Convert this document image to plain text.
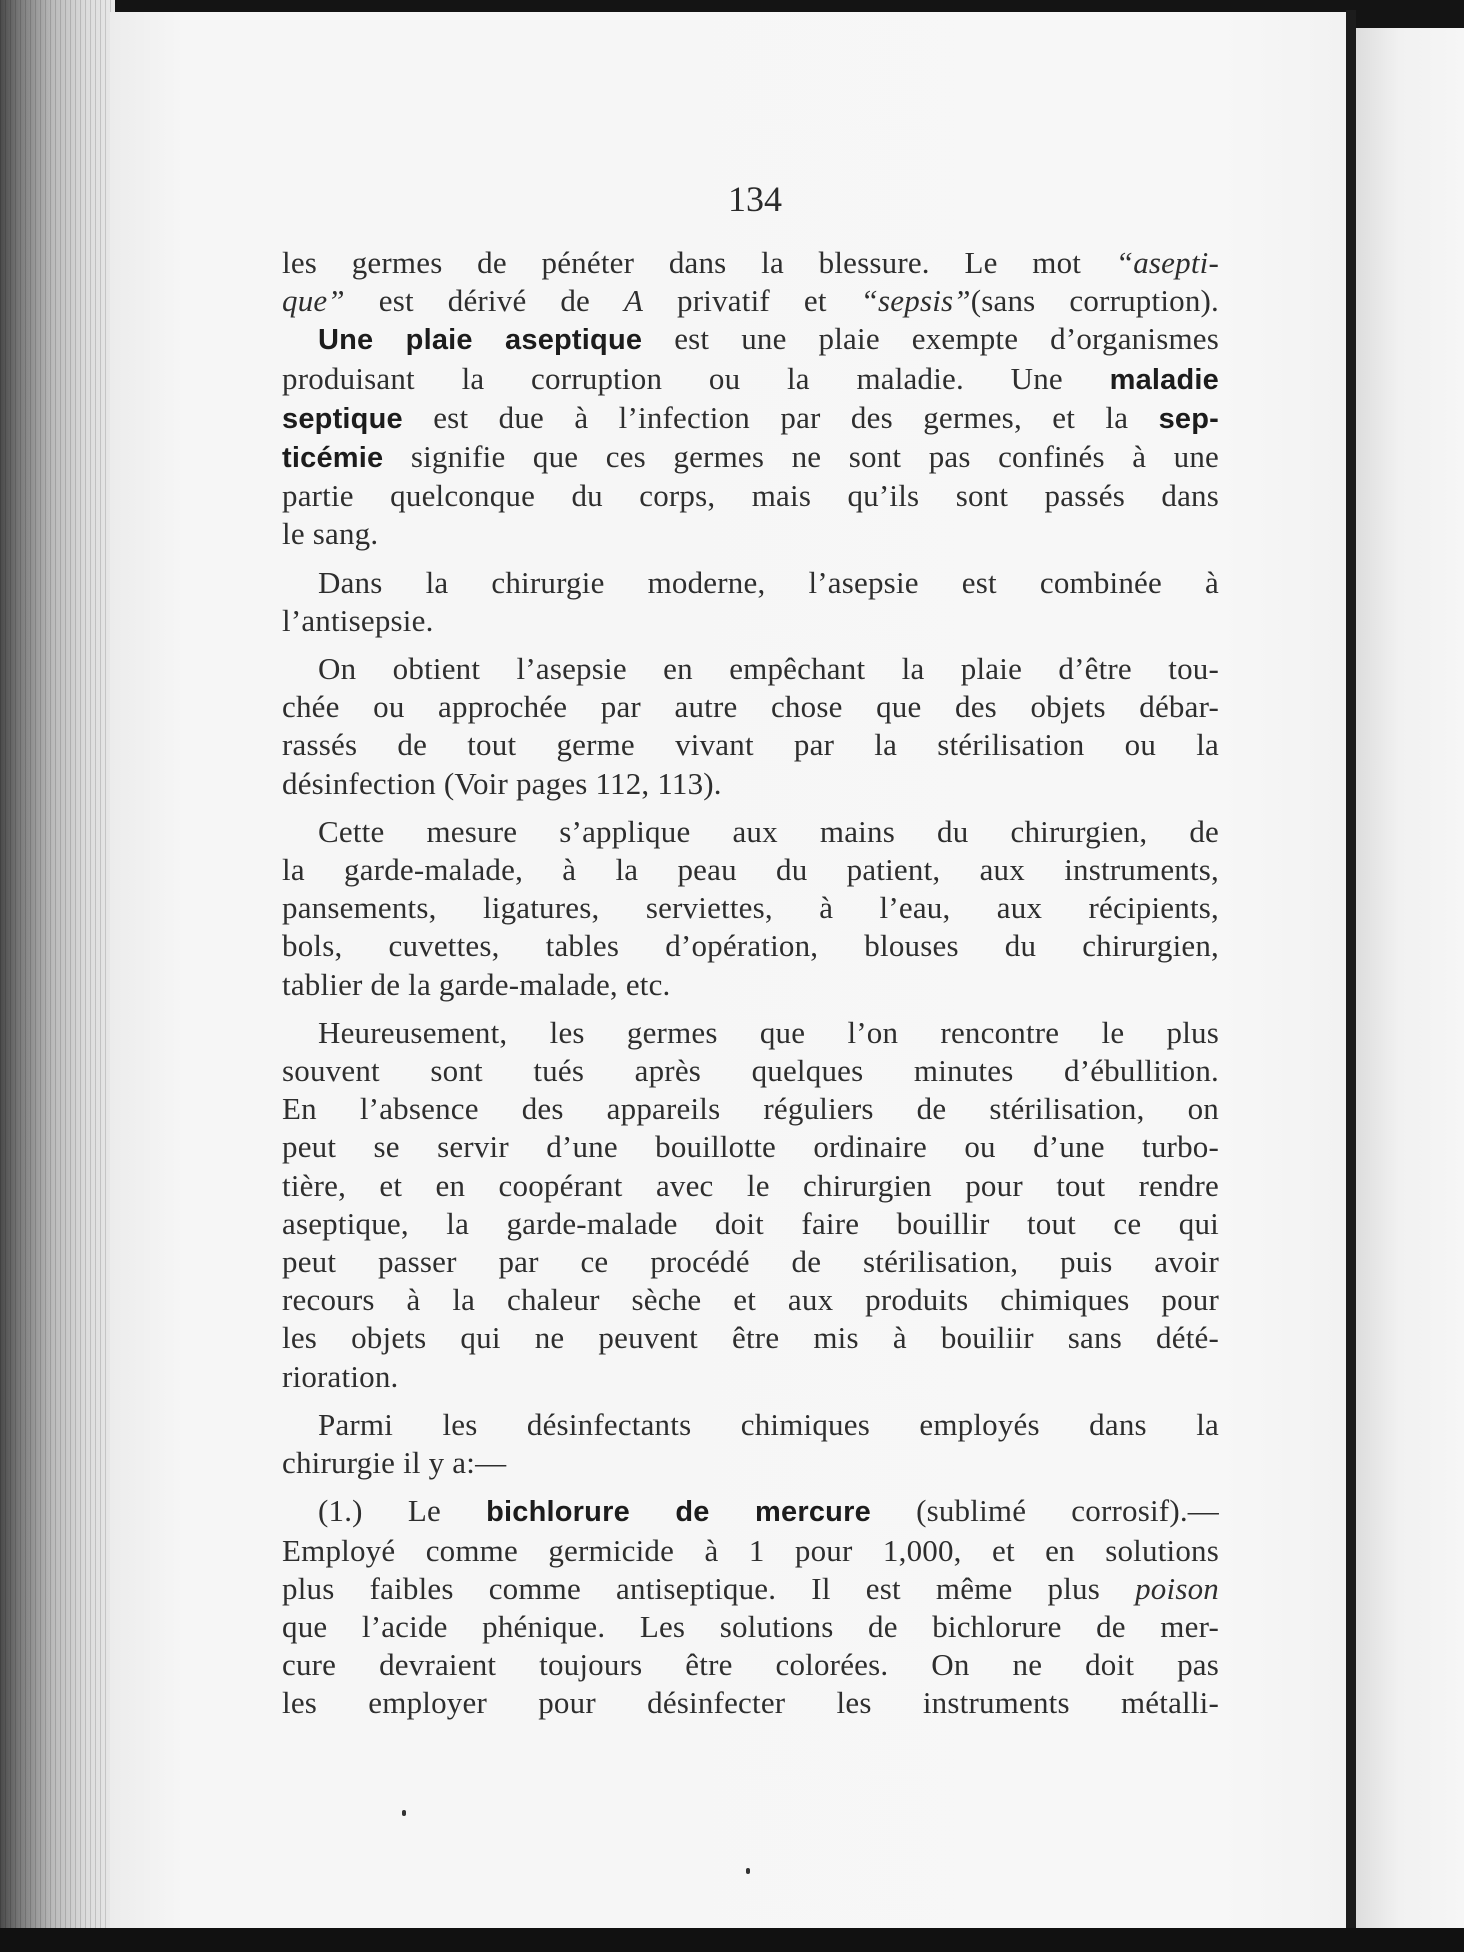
134

les germes de pénéter dans la blessure. Le mot “asepti-

que” est dérivé de A privatif et “sepsis”(sans corruption).

Une plaie aseptique est une plaie exempte d’organismes

produisant la corruption ou la maladie. Une maladie

septique est due à l’infection par des germes, et la sep-

ticémie signifie que ces germes ne sont pas confinés à une

partie quelconque du corps, mais qu’ils sont passés dans

le sang.

Dans la chirurgie moderne, l’asepsie est combinée à

l’antisepsie.

On obtient l’asepsie en empêchant la plaie d’être tou-

chée ou approchée par autre chose que des objets débar-

rassés de tout germe vivant par la stérilisation ou la

désinfection (Voir pages 112, 113).

Cette mesure s’applique aux mains du chirurgien, de

la garde-malade, à la peau du patient, aux instruments,

pansements, ligatures, serviettes, à l’eau, aux récipients,

bols, cuvettes, tables d’opération, blouses du chirurgien,

tablier de la garde-malade, etc.

Heureusement, les germes que l’on rencontre le plus

souvent sont tués après quelques minutes d’ébullition.

En l’absence des appareils réguliers de stérilisation, on

peut se servir d’une bouillotte ordinaire ou d’une turbo-

tière, et en coopérant avec le chirurgien pour tout rendre

aseptique, la garde-malade doit faire bouillir tout ce qui

peut passer par ce procédé de stérilisation, puis avoir

recours à la chaleur sèche et aux produits chimiques pour

les objets qui ne peuvent être mis à bouiliir sans dété-

rioration.

Parmi les désinfectants chimiques employés dans la

chirurgie il y a:—

(1.) Le bichlorure de mercure (sublimé corrosif).—

Employé comme germicide à 1 pour 1,000, et en solutions

plus faibles comme antiseptique. Il est même plus poison

que l’acide phénique. Les solutions de bichlorure de mer-

cure devraient toujours être colorées. On ne doit pas

les employer pour désinfecter les instruments métalli-
